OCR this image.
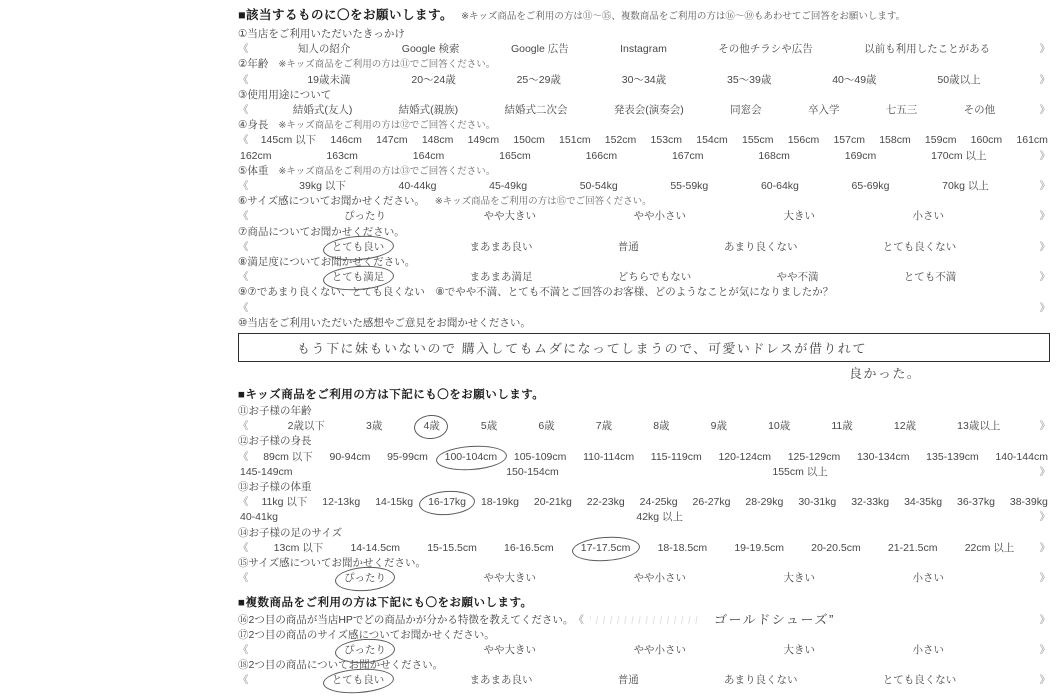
■該当するものに〇をお願いします。 ※キッズ商品をご利用の方は⑪〜⑮、複数商品をご利用の方は⑯〜⑲もあわせてご回答をお願いします。
①当店をご利用いただいたきっかけ
《	知人の紹介	Google 検索	Google 広告	Instagram	その他チラシや広告	以前も利用したことがある	》
②年齢 ※キッズ商品をご利用の方は⑪でご回答ください。
《	19歳未満	20〜24歳	25〜29歳	30〜34歳	35〜39歳	40〜49歳	50歳以上	》
③使用用途について
《	結婚式(友人)	結婚式(親族)	結婚式二次会	発表会(演奏会)	同窓会	卒入学	七五三	その他	》
④身長 ※キッズ商品をご利用の方は⑫でご回答ください。
《 145cm 以下 146cm 147cm 148cm 149cm 150cm 151cm 152cm 153cm 154cm 155cm 156cm 157cm 158cm 159cm 160cm 161cm
162cm	163cm	164cm	165cm	166cm	167cm	168cm	169cm	170cm 以上	》
⑤体重 ※キッズ商品をご利用の方は⑬でご回答ください。
《	39kg 以下	40-44kg	45-49kg	50-54kg	55-59kg	60-64kg	65-69kg	70kg 以上	》
⑥サイズ感についてお聞かせください。 ※キッズ商品をご利用の方は⑮でご回答ください。
《	ぴったり	やや大きい	やや小さい	大きい	小さい	》
⑦商品についてお聞かせください。
《	とても良い	まあまあ良い	普通	あまり良くない	とても良くない	》
⑧満足度についてお聞かせください。
《	とても満足	まあまあ満足	どちらでもない	やや不満	とても不満	》
⑨⑦であまり良くない、とても良くない　⑧でやや不満、とても不満とご回答のお客様、どのようなことが気になりましたか？
《	》
⑩当店をご利用いただいた感想やご意見をお聞かせください。
もう下に妹もいないので 購入してもムダになってしまうので、可愛いドレスが借りれて
良かった。
■キッズ商品をご利用の方は下記にも〇をお願いします。
⑪お子様の年齢
《	2歳以下	3歳	4歳	5歳	6歳	7歳	8歳	9歳	10歳	11歳	12歳	13歳以上	》
⑫お子様の身長
《 89cm 以下 90-94cm 95-99cm 100-104cm 105-109cm 110-114cm 115-119cm 120-124cm 125-129cm 130-134cm 135-139cm 140-144cm
145-149cm	150-154cm	155cm 以上	》
⑬お子様の体重
《 11kg 以下 12-13kg 14-15kg 16-17kg 18-19kg 20-21kg 22-23kg 24-25kg 26-27kg 28-29kg 30-31kg 32-33kg 34-35kg 36-37kg 38-39kg
40-41kg	42kg 以上	》
⑭お子様の足のサイズ
《 13cm 以下	14-14.5cm	15-15.5cm	16-16.5cm	17-17.5cm	18-18.5cm	19-19.5cm	20-20.5cm	21-21.5cm	22cm 以上 》
⑮サイズ感についてお聞かせください。
《	ぴったり	やや大きい	やや小さい	大きい	小さい	》
■複数商品をご利用の方は下記にも〇をお願いします。
⑯2つ目の商品が当店HPでどの商品かが分かる特徴を教えてください。 《	ゴールドシューズ”	》
⑰2つ目の商品のサイズ感についてお聞かせください。
《	ぴったり	やや大きい	やや小さい	大きい	小さい	》
⑱2つ目の商品についてお聞かせください。
《	とても良い	まあまあ良い	普通	あまり良くない	とても良くない	》
